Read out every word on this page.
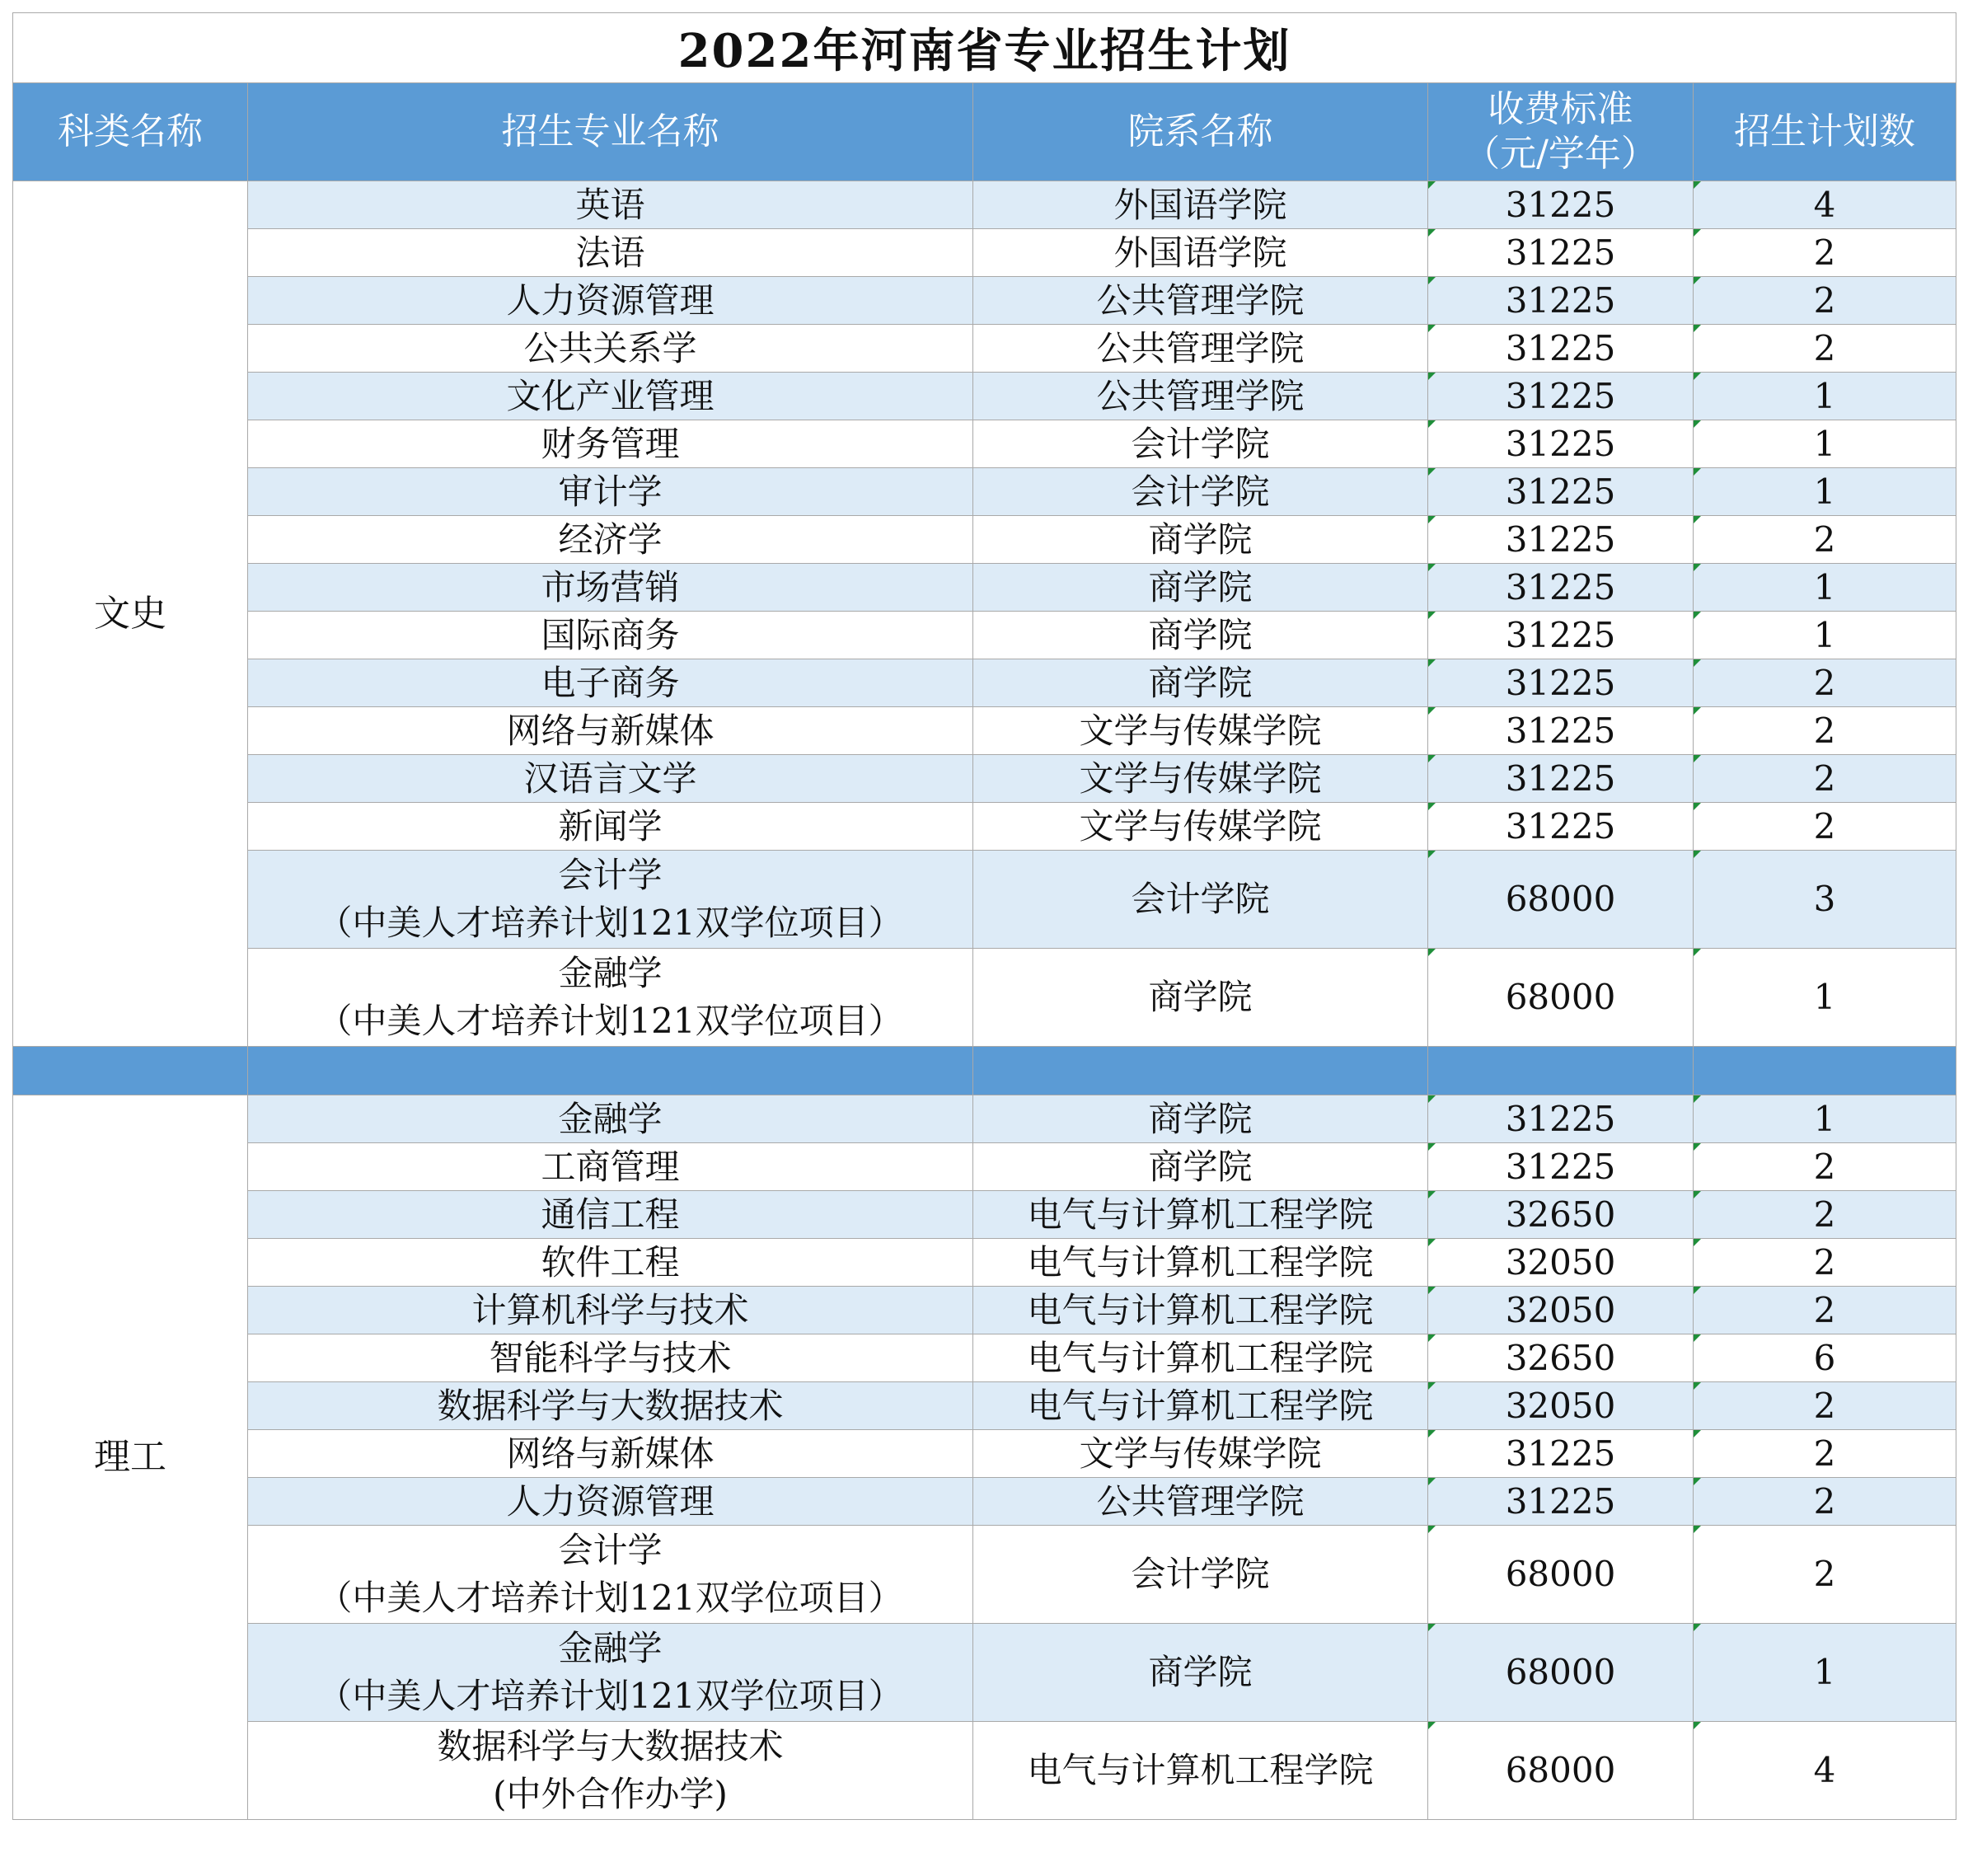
2022年河南省专业招生计划				
科类名称	招生专业名称	院系名称	收费标准
（元/学年）	招生计划数
文史	英语	外国语学院	31225	4

	法语	外国语学院	31225	2

	人力资源管理	公共管理学院	31225	2

	公共关系学	公共管理学院	31225	2

	文化产业管理	公共管理学院	31225	1

	财务管理	会计学院	31225	1

	审计学	会计学院	31225	1

	经济学	商学院	31225	2

	市场营销	商学院	31225	1

	国际商务	商学院	31225	1

	电子商务	商学院	31225	2

	网络与新媒体	文学与传媒学院	31225	2

	汉语言文学	文学与传媒学院	31225	2

	新闻学	文学与传媒学院	31225	2

	会计学
（中美人才培养计划121双学位项目）	会计学院	68000	3

	金融学
（中美人才培养计划121双学位项目）	商学院	68000	1

理工	金融学	商学院	31225	1

	工商管理	商学院	31225	2

	通信工程	电气与计算机工程学院	32650	2

	软件工程	电气与计算机工程学院	32050	2

	计算机科学与技术	电气与计算机工程学院	32050	2

	智能科学与技术	电气与计算机工程学院	32650	6

	数据科学与大数据技术	电气与计算机工程学院	32050	2

	网络与新媒体	文学与传媒学院	31225	2

	人力资源管理	公共管理学院	31225	2

	会计学
（中美人才培养计划121双学位项目）	会计学院	68000	2

	金融学
（中美人才培养计划121双学位项目）	商学院	68000	1

	数据科学与大数据技术
(中外合作办学)	电气与计算机工程学院	68000	4
